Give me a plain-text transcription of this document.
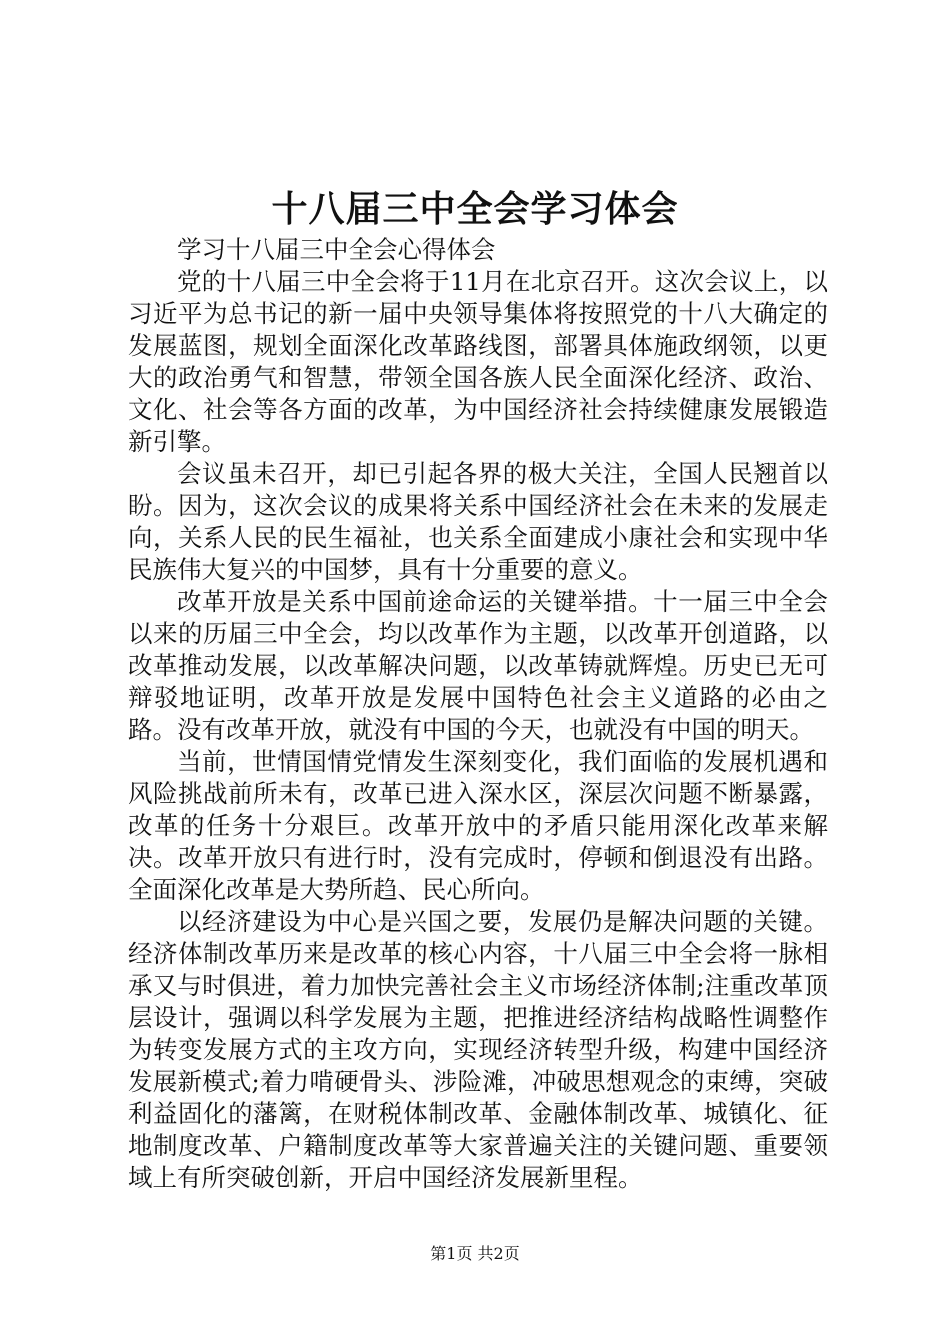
十八届三中全会学习体会

学习十八届三中全会心得体会

党的十八届三中全会将于11月在北京召开。这次会议上，以习近平为总书记的新一届中央领导集体将按照党的十八大确定的发展蓝图，规划全面深化改革路线图，部署具体施政纲领，以更大的政治勇气和智慧，带领全国各族人民全面深化经济、政治、文化、社会等各方面的改革，为中国经济社会持续健康发展锻造新引擎。

会议虽未召开，却已引起各界的极大关注，全国人民翘首以盼。因为，这次会议的成果将关系中国经济社会在未来的发展走向，关系人民的民生福祉，也关系全面建成小康社会和实现中华民族伟大复兴的中国梦，具有十分重要的意义。

改革开放是关系中国前途命运的关键举措。十一届三中全会以来的历届三中全会，均以改革作为主题，以改革开创道路，以改革推动发展，以改革解决问题，以改革铸就辉煌。历史已无可辩驳地证明，改革开放是发展中国特色社会主义道路的必由之路。没有改革开放，就没有中国的今天，也就没有中国的明天。

当前，世情国情党情发生深刻变化，我们面临的发展机遇和风险挑战前所未有，改革已进入深水区，深层次问题不断暴露，改革的任务十分艰巨。改革开放中的矛盾只能用深化改革来解决。改革开放只有进行时，没有完成时，停顿和倒退没有出路。全面深化改革是大势所趋、民心所向。

以经济建设为中心是兴国之要，发展仍是解决问题的关键。经济体制改革历来是改革的核心内容，十八届三中全会将一脉相承又与时俱进，着力加快完善社会主义市场经济体制;注重改革顶层设计，强调以科学发展为主题，把推进经济结构战略性调整作为转变发展方式的主攻方向，实现经济转型升级，构建中国经济发展新模式;着力啃硬骨头、涉险滩，冲破思想观念的束缚，突破利益固化的藩篱，在财税体制改革、金融体制改革、城镇化、征地制度改革、户籍制度改革等大家普遍关注的关键问题、重要领域上有所突破创新，开启中国经济发展新里程。

第1页 共2页
